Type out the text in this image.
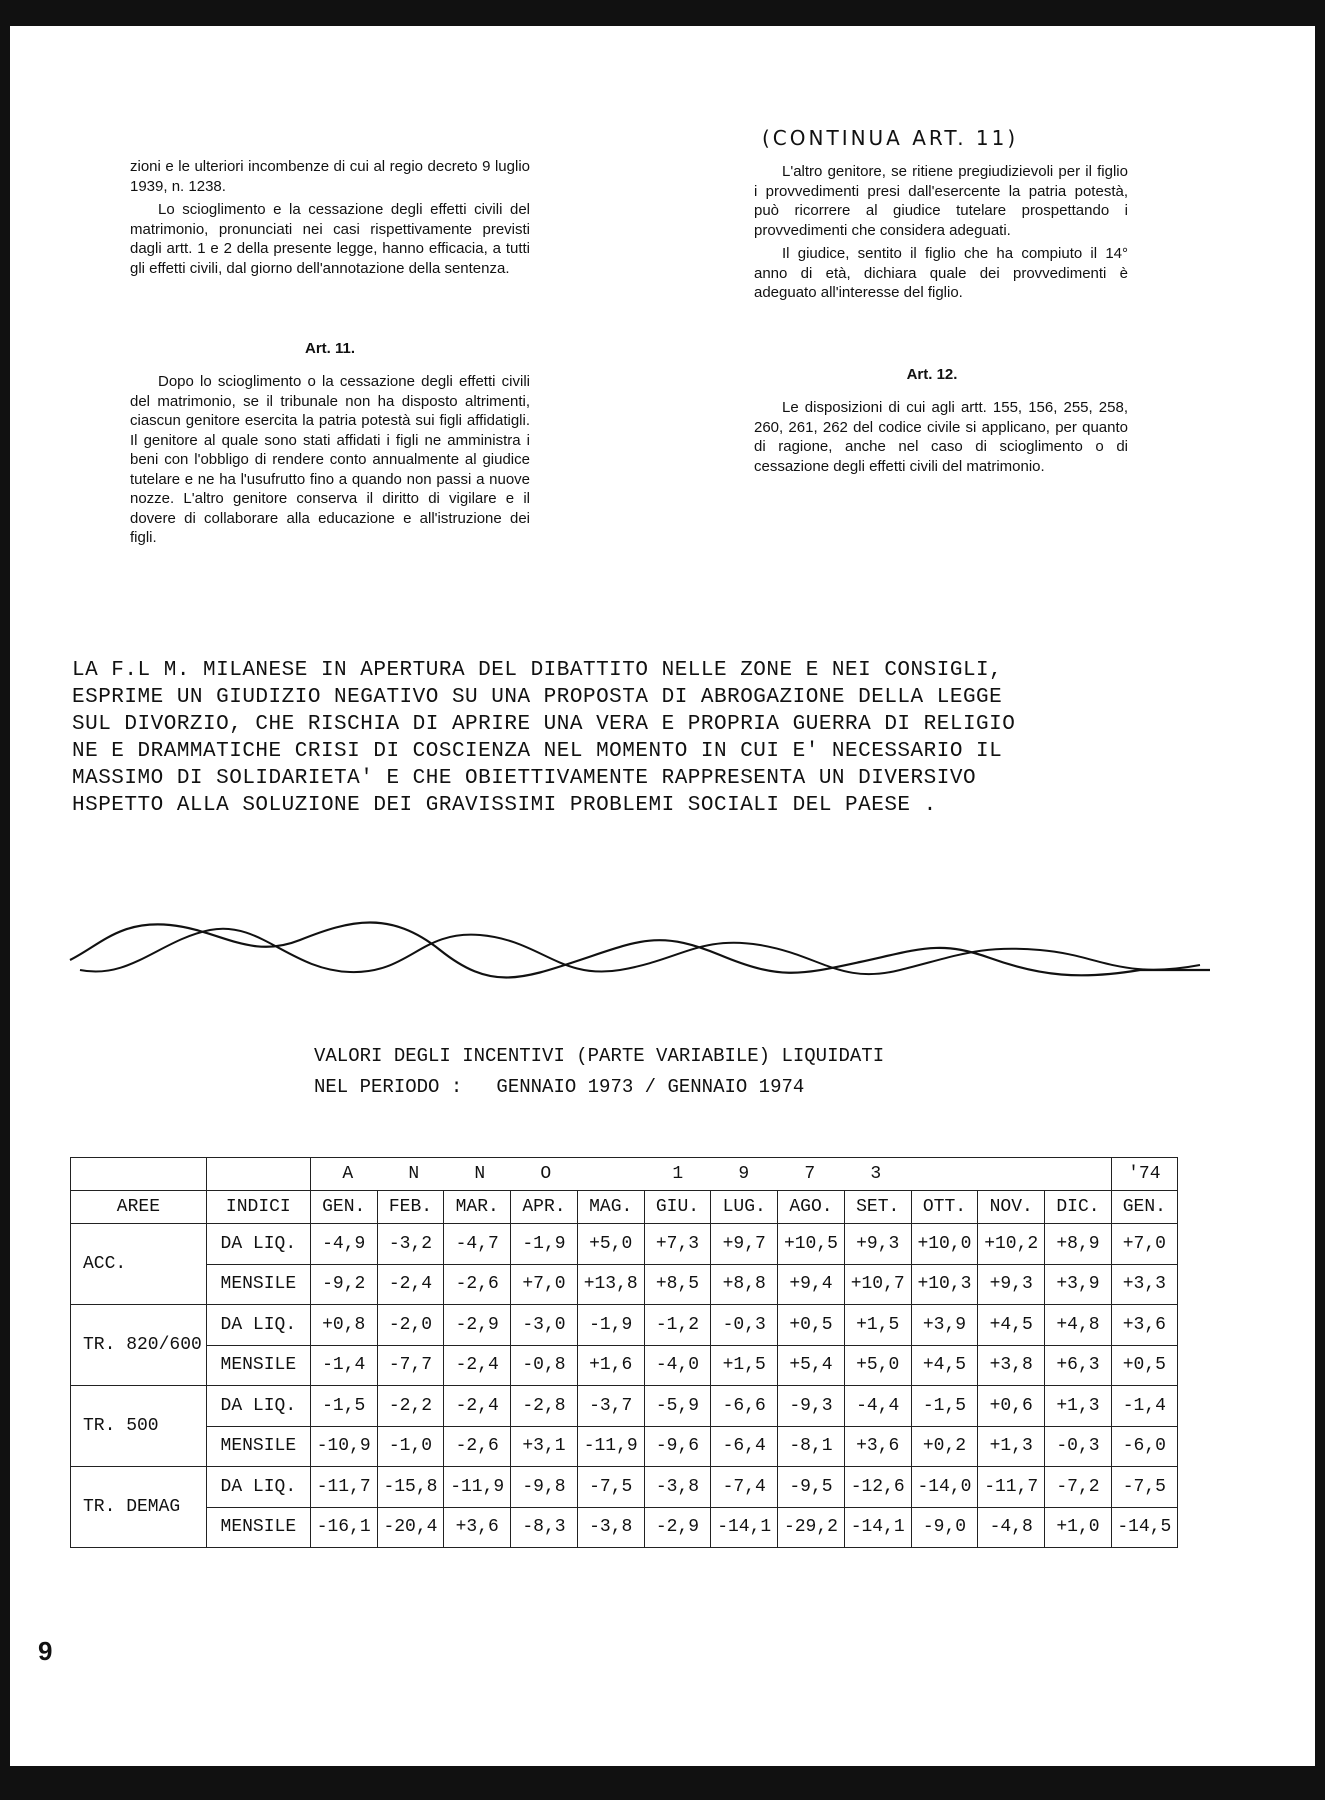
zioni e le ulteriori incombenze di cui al regio decreto 9 luglio 1939, n. 1238.

Lo scioglimento e la cessazione degli effetti civili del matrimonio, pronunciati nei casi rispettivamente previsti dagli artt. 1 e 2 della presente legge, hanno efficacia, a tutti gli effetti civili, dal giorno dell'annotazione della sentenza.

Art. 11.

Dopo lo scioglimento o la cessazione degli effetti civili del matrimonio, se il tribunale non ha disposto altrimenti, ciascun genitore esercita la patria potestà sui figli affidatigli. Il genitore al quale sono stati affidati i figli ne amministra i beni con l'obbligo di rendere conto annualmente al giudice tutelare e ne ha l'usufrutto fino a quando non passi a nuove nozze. L'altro genitore conserva il diritto di vigilare e il dovere di collaborare alla educazione e all'istruzione dei figli.

(CONTINUA ART. 11)

L'altro genitore, se ritiene pregiudizievoli per il figlio i provvedimenti presi dall'esercente la patria potestà, può ricorrere al giudice tutelare prospettando i provvedimenti che considera adeguati.

Il giudice, sentito il figlio che ha compiuto il 14° anno di età, dichiara quale dei provvedimenti è adeguato all'interesse del figlio.

Art. 12.

Le disposizioni di cui agli artt. 155, 156, 255, 258, 260, 261, 262 del codice civile si applicano, per quanto di ragione, anche nel caso di scioglimento o di cessazione degli effetti civili del matrimonio.

LA F.L M. MILANESE IN APERTURA DEL DIBATTITO NELLE ZONE E NEI CONSIGLI,
ESPRIME UN GIUDIZIO NEGATIVO SU UNA PROPOSTA DI ABROGAZIONE DELLA LEGGE
SUL DIVORZIO, CHE RISCHIA DI APRIRE UNA VERA E PROPRIA GUERRA DI RELIGIO
NE E DRAMMATICHE CRISI DI COSCIENZA NEL MOMENTO IN CUI E' NECESSARIO IL
MASSIMO DI SOLIDARIETA' E CHE OBIETTIVAMENTE RAPPRESENTA UN DIVERSIVO
HSPETTO ALLA SOLUZIONE DEI GRAVISSIMI PROBLEMI SOCIALI DEL PAESE .
VALORI DEGLI INCENTIVI (PARTE VARIABILE) LIQUIDATI
NEL PERIODO :   GENNAIO 1973 / GENNAIO 1974
		A N N O 1 9 7 3												'74
AREE	INDICI	GEN.	FEB.	MAR.	APR.	MAG.	GIU.	LUG.	AGO.	SET.	OTT.	NOV.	DIC.	GEN.
ACC.	DA LIQ.	-4,9	-3,2	-4,7	-1,9	+5,0	+7,3	+9,7	+10,5	+9,3	+10,0	+10,2	+8,9	+7,0
	MENSILE	-9,2	-2,4	-2,6	+7,0	+13,8	+8,5	+8,8	+9,4	+10,7	+10,3	+9,3	+3,9	+3,3
TR. 820/600	DA LIQ.	+0,8	-2,0	-2,9	-3,0	-1,9	-1,2	-0,3	+0,5	+1,5	+3,9	+4,5	+4,8	+3,6
	MENSILE	-1,4	-7,7	-2,4	-0,8	+1,6	-4,0	+1,5	+5,4	+5,0	+4,5	+3,8	+6,3	+0,5
TR. 500	DA LIQ.	-1,5	-2,2	-2,4	-2,8	-3,7	-5,9	-6,6	-9,3	-4,4	-1,5	+0,6	+1,3	-1,4
	MENSILE	-10,9	-1,0	-2,6	+3,1	-11,9	-9,6	-6,4	-8,1	+3,6	+0,2	+1,3	-0,3	-6,0
TR. DEMAG	DA LIQ.	-11,7	-15,8	-11,9	-9,8	-7,5	-3,8	-7,4	-9,5	-12,6	-14,0	-11,7	-7,2	-7,5
	MENSILE	-16,1	-20,4	+3,6	-8,3	-3,8	-2,9	-14,1	-29,2	-14,1	-9,0	-4,8	+1,0	-14,5
9
